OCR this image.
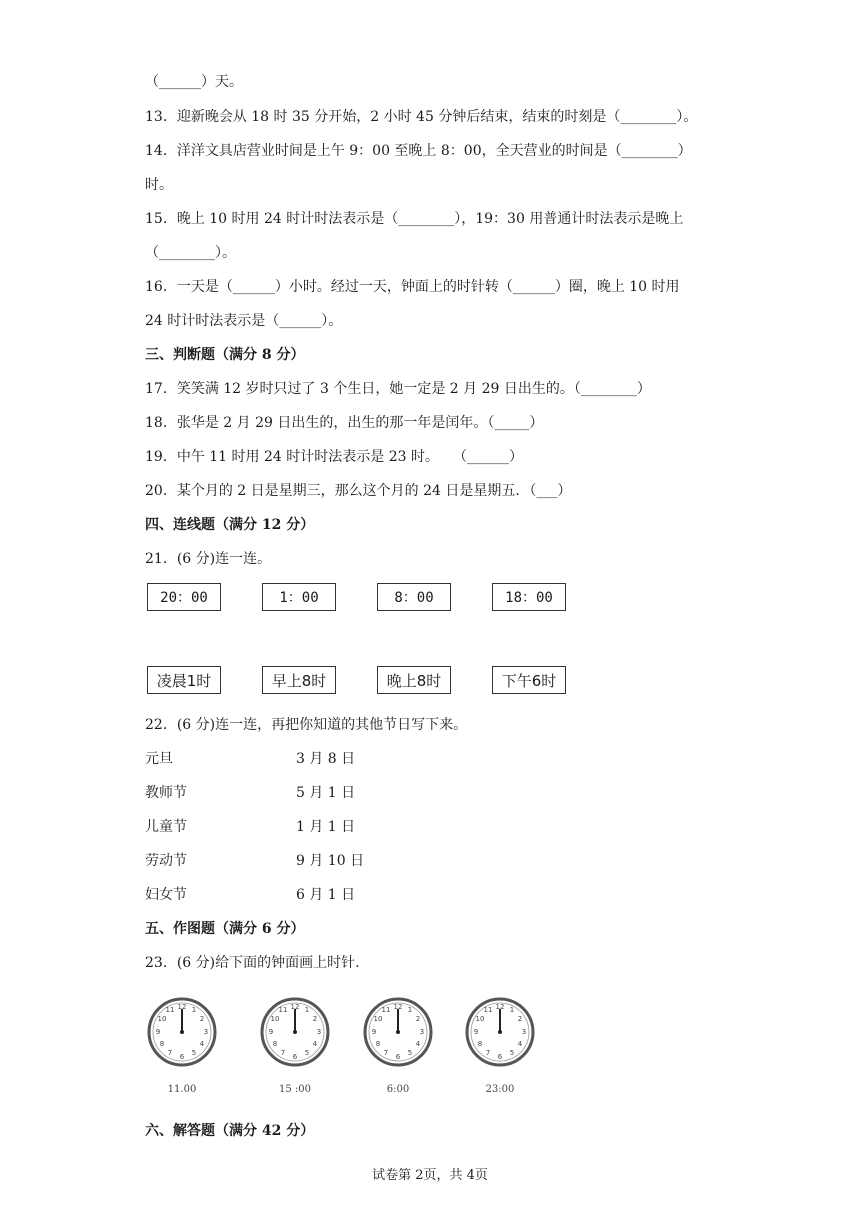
（______）天。
13．迎新晚会从 18 时 35 分开始，2 小时 45 分钟后结束，结束的时刻是（________）。
14．洋洋文具店营业时间是上午 9：00 至晚上 8：00，全天营业的时间是（________）
时。
15．晚上 10 时用 24 时计时法表示是（________），19：30 用普通计时法表示是晚上
（________）。
16．一天是（______）小时。经过一天，钟面上的时针转（______）圈，晚上 10 时用
24 时计时法表示是（______）。
三、判断题（满分 8 分）
17．笑笑满 12 岁时只过了 3 个生日，她一定是 2 月 29 日出生的。（________）
18．张华是 2 月 29 日出生的，出生的那一年是闰年。（_____）
19．中午 11 时用 24 时计时法表示是 23 时。　　（______）
20．某个月的 2 日是星期三，那么这个月的 24 日是星期五．（___）
四、连线题（满分 12 分）
21．(6 分)连一连。
20：00	1：00	8：00	18：00
凌晨1时	早上8时	晚上8时	下午6时
22．(6 分)连一连，再把你知道的其他节日写下来。
元旦	3 月 8 日
教师节	5 月 1 日
儿童节	1 月 1 日
劳动节	9 月 10 日
妇女节	6 月 1 日
五、作图题（满分 6 分）
23．(6 分)给下面的钟面画上时针.
12 1
2
3
4
5
6
7
8
9
10
11
11.00
12 1
2
3
4
5
6
7
8
9
10
11
15 :00
12 1
2
3
4
5
6
7
8
9
10
11
6:00
12 1
2
3
4
5
6
7
8
9
10
11
23:00
六、解答题（满分 42 分）
试卷第 2页，共 4页
